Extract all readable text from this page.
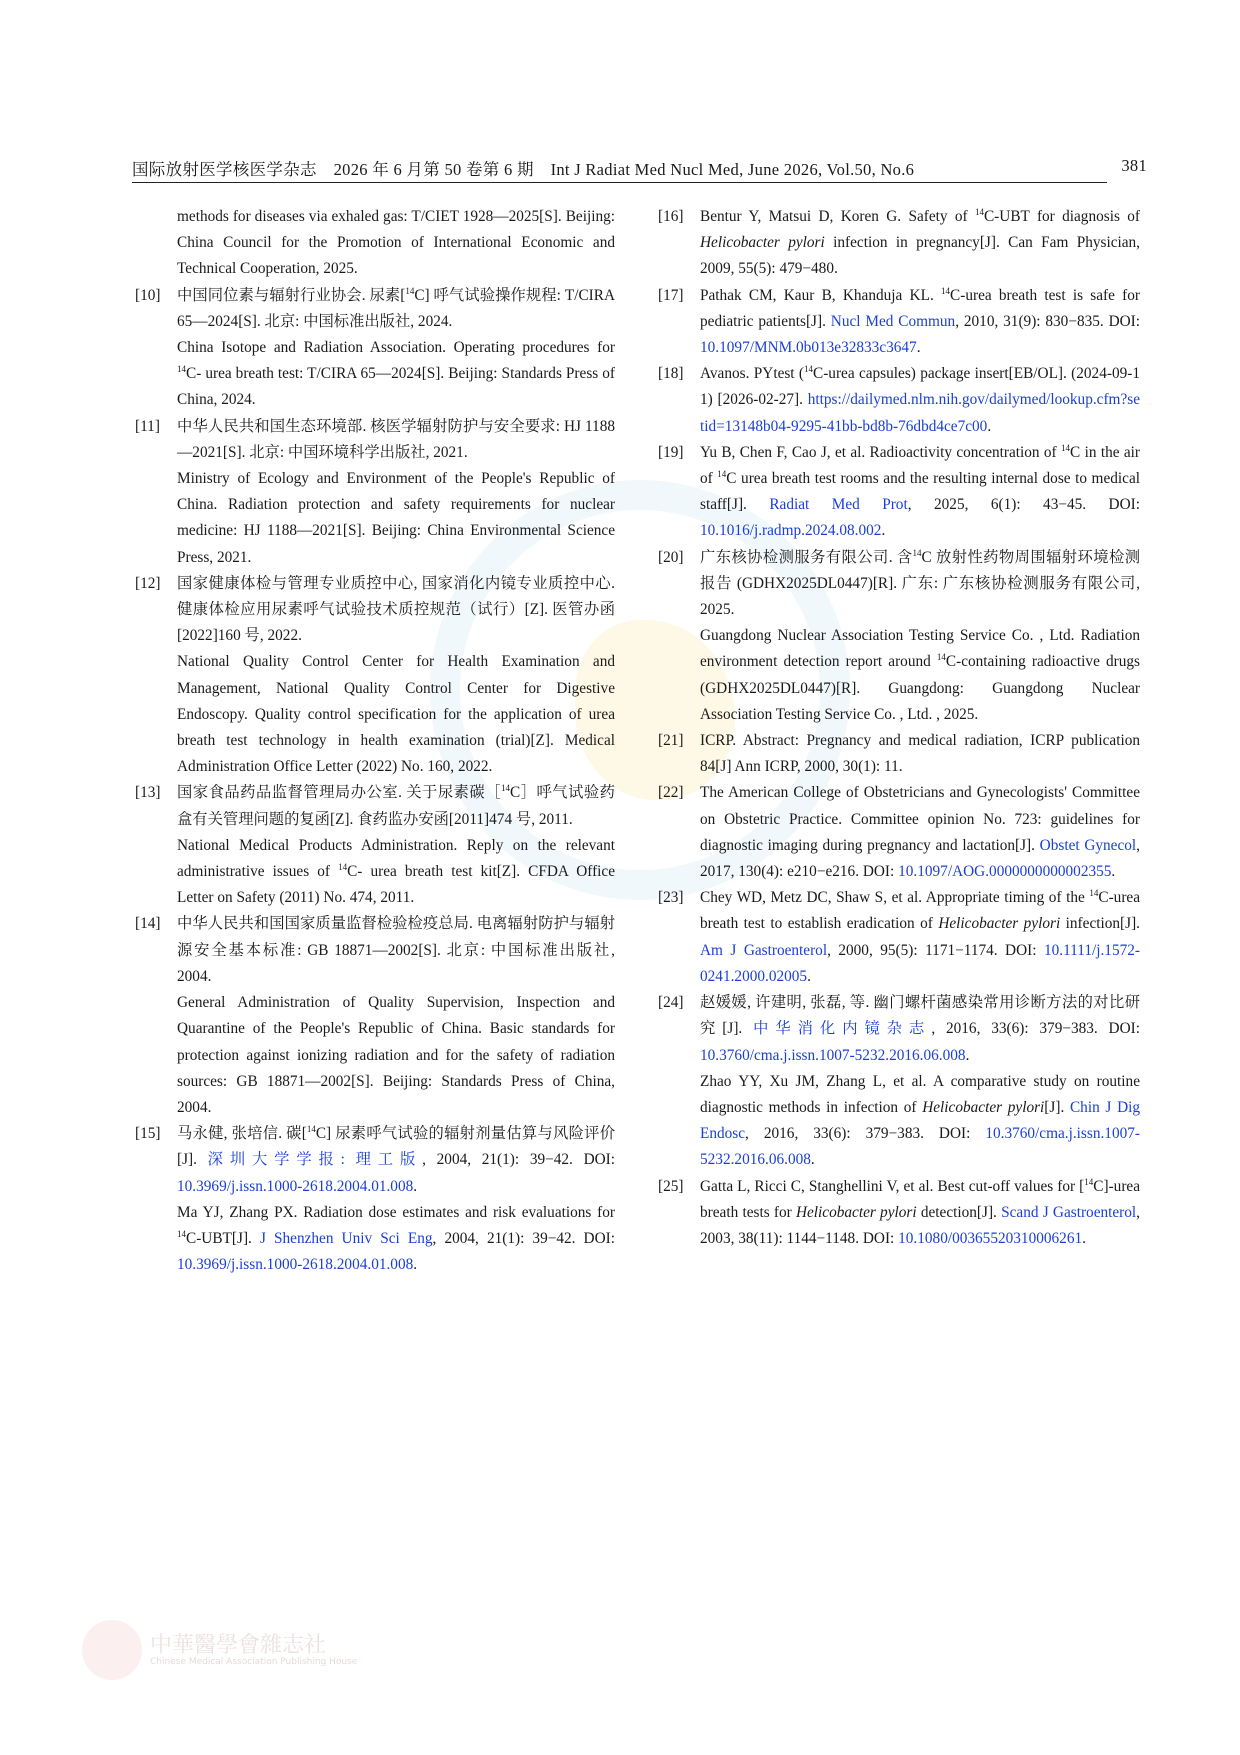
国际放射医学核医学杂志　2026 年 6 月第 50 卷第 6 期　Int J Radiat Med Nucl Med, June 2026, Vol.50, No.6	381

methods for diseases via exhaled gas: T/CIET 1928—2025[S]. Beijing: China Council for the Promotion of International Economic and Technical Cooperation, 2025.

[10] 中国同位素与辐射行业协会. 尿素[$^{14}$C] 呼气试验操作规程: T/CIRA 65—2024[S]. 北京: 中国标准出版社, 2024.

China Isotope and Radiation Association. Operating procedures for $^{14}$C- urea breath test: T/CIRA 65—2024[S]. Beijing: Standards Press of China, 2024.

[11] 中华人民共和国生态环境部. 核医学辐射防护与安全要求: HJ 1188—2021[S]. 北京: 中国环境科学出版社, 2021.

Ministry of Ecology and Environment of the People's Republic of China. Radiation protection and safety requirements for nuclear medicine: HJ 1188—2021[S]. Beijing: China Environmental Science Press, 2021.

[12] 国家健康体检与管理专业质控中心, 国家消化内镜专业质控中心. 健康体检应用尿素呼气试验技术质控规范（试行）[Z]. 医管办函[2022]160 号, 2022.

National Quality Control Center for Health Examination and Management, National Quality Control Center for Digestive Endoscopy. Quality control specification for the application of urea breath test technology in health examination (trial)[Z]. Medical Administration Office Letter (2022) No. 160, 2022.

[13] 国家食品药品监督管理局办公室. 关于尿素碳［$^{14}$C］呼气试验药盒有关管理问题的复函[Z]. 食药监办安函[2011]474 号, 2011.

National Medical Products Administration. Reply on the relevant administrative issues of $^{14}$C- urea breath test kit[Z]. CFDA Office Letter on Safety (2011) No. 474, 2011.

[14] 中华人民共和国国家质量监督检验检疫总局. 电离辐射防护与辐射源安全基本标准: GB 18871—2002[S]. 北京: 中国标准出版社, 2004.

General Administration of Quality Supervision, Inspection and Quarantine of the People's Republic of China. Basic standards for protection against ionizing radiation and for the safety of radiation sources: GB 18871—2002[S]. Beijing: Standards Press of China, 2004.

[15] 马永健, 张培信. 碳[$^{14}$C] 尿素呼气试验的辐射剂量估算与风险评价[J]. 深圳大学学报: 理工版, 2004, 21(1): 39−42. DOI: 10.3969/j.issn.1000-2618.2004.01.008.

Ma YJ, Zhang PX. Radiation dose estimates and risk evaluations for $^{14}$C-UBT[J]. J Shenzhen Univ Sci Eng, 2004, 21(1): 39−42. DOI: 10.3969/j.issn.1000-2618.2004.01.008.

[16] Bentur Y, Matsui D, Koren G. Safety of $^{14}$C-UBT for diagnosis of Helicobacter pylori infection in pregnancy[J]. Can Fam Physician, 2009, 55(5): 479−480.

[17] Pathak CM, Kaur B, Khanduja KL. $^{14}$C-urea breath test is safe for pediatric patients[J]. Nucl Med Commun, 2010, 31(9): 830−835. DOI: 10.1097/MNM.0b013e32833c3647.

[18] Avanos. PYtest ($^{14}$C-urea capsules) package insert[EB/OL]. (2024-09-11) [2026-02-27]. https://dailymed.nlm.nih.gov/dailymed/lookup.cfm?setid=13148b04-9295-41bb-bd8b-76dbd4ce7c00.

[19] Yu B, Chen F, Cao J, et al. Radioactivity concentration of $^{14}$C in the air of $^{14}$C urea breath test rooms and the resulting internal dose to medical staff[J]. Radiat Med Prot, 2025, 6(1): 43−45. DOI: 10.1016/j.radmp.2024.08.002.

[20] 广东核协检测服务有限公司. 含$^{14}$C 放射性药物周围辐射环境检测报告 (GDHX2025DL0447)[R]. 广东: 广东核协检测服务有限公司, 2025.

Guangdong Nuclear Association Testing Service Co. , Ltd. Radiation environment detection report around $^{14}$C-containing radioactive drugs (GDHX2025DL0447)[R]. Guangdong: Guangdong Nuclear Association Testing Service Co. , Ltd. , 2025.

[21] ICRP. Abstract: Pregnancy and medical radiation, ICRP publication 84[J] Ann ICRP, 2000, 30(1): 11.

[22] The American College of Obstetricians and Gynecologists' Committee on Obstetric Practice. Committee opinion No. 723: guidelines for diagnostic imaging during pregnancy and lactation[J]. Obstet Gynecol, 2017, 130(4): e210−e216. DOI: 10.1097/AOG.0000000000002355.

[23] Chey WD, Metz DC, Shaw S, et al. Appropriate timing of the $^{14}$C-urea breath test to establish eradication of Helicobacter pylori infection[J]. Am J Gastroenterol, 2000, 95(5): 1171−1174. DOI: 10.1111/j.1572-0241.2000.02005.

[24] 赵媛媛, 许建明, 张磊, 等. 幽门螺杆菌感染常用诊断方法的对比研究[J]. 中华消化内镜杂志, 2016, 33(6): 379−383. DOI: 10.3760/cma.j.issn.1007-5232.2016.06.008.

Zhao YY, Xu JM, Zhang L, et al. A comparative study on routine diagnostic methods in infection of Helicobacter pylori[J]. Chin J Dig Endosc, 2016, 33(6): 379−383. DOI: 10.3760/cma.j.issn.1007-5232.2016.06.008.

[25] Gatta L, Ricci C, Stanghellini V, et al. Best cut-off values for [$^{14}$C]-urea breath tests for Helicobacter pylori detection[J]. Scand J Gastroenterol, 2003, 38(11): 1144−1148. DOI: 10.1080/00365520310006261.

中華醫學會雜志社
Chinese Medical Association Publishing House
